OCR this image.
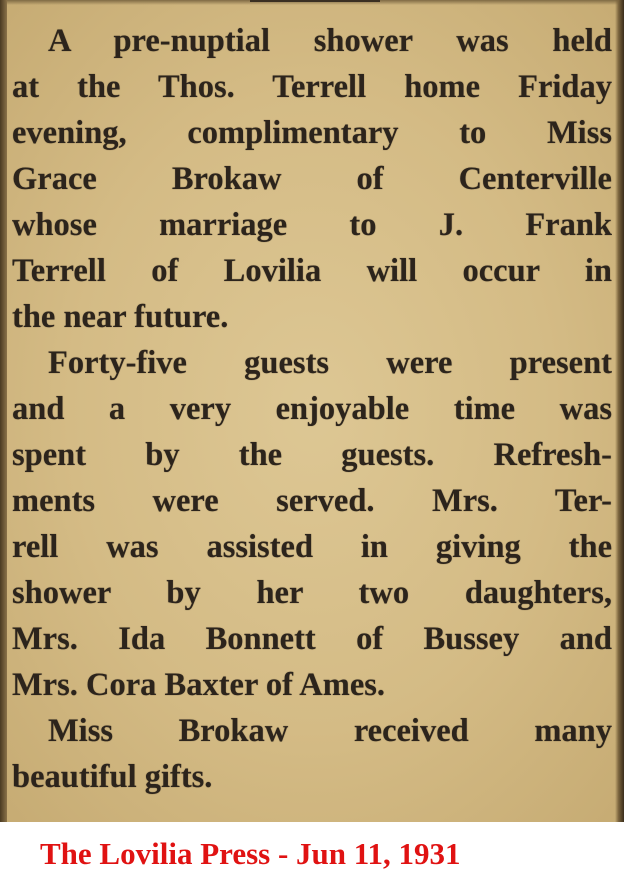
A pre-nuptial shower was held
at the Thos. Terrell home Friday
evening, complimentary to Miss
Grace Brokaw of Centerville
whose marriage to J. Frank
Terrell of Lovilia will occur in
the near future.
Forty-five guests were present
and a very enjoyable time was
spent by the guests. Refresh-
ments were served. Mrs. Ter-
rell was assisted in giving the
shower by her two daughters,
Mrs. Ida Bonnett of Bussey and
Mrs. Cora Baxter of Ames.
Miss Brokaw received many
beautiful gifts.
The Lovilia Press - Jun 11, 1931
